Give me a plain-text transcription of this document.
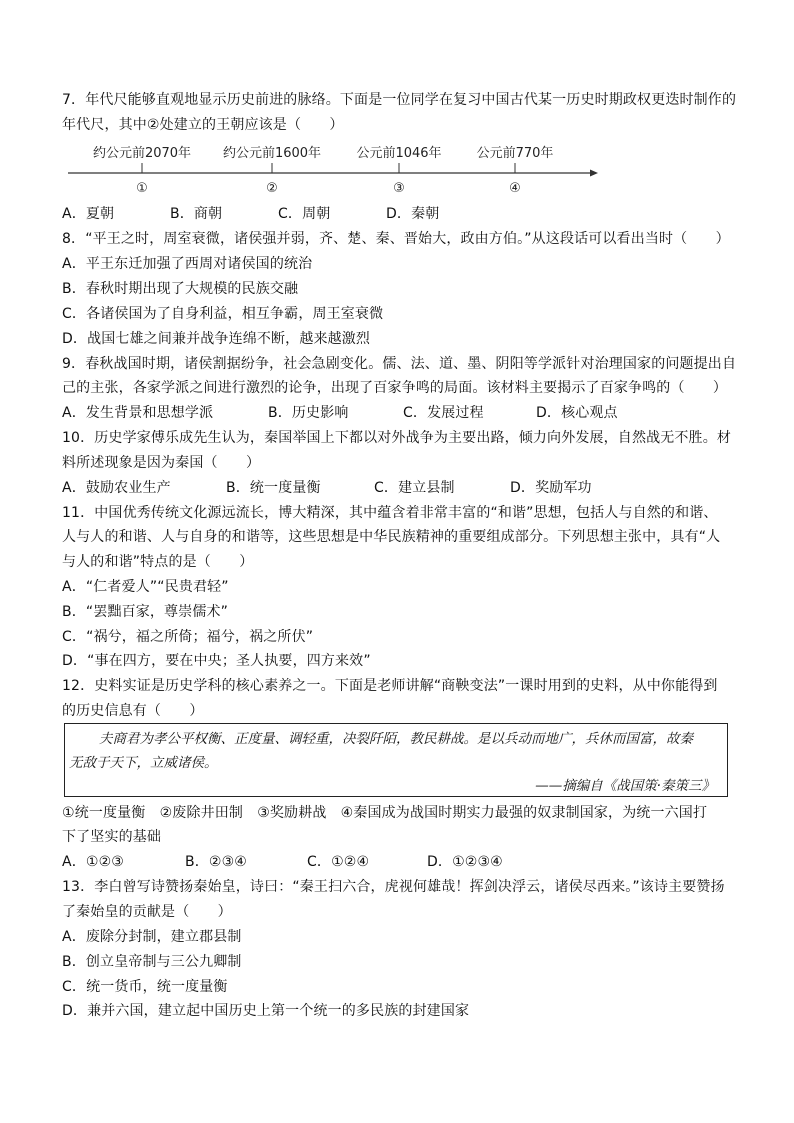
7．年代尺能够直观地显示历史前进的脉络。下面是一位同学在复习中国古代某一历史时期政权更迭时制作的
年代尺，其中②处建立的王朝应该是（　　）
约公元前2070年 约公元前1600年	公元前1046年	公元前770年
①	②	③	④
A．夏朝	B．商朝	C．周朝	D．秦朝
8．“平王之时，周室衰微，诸侯强并弱，齐、楚、秦、晋始大，政由方伯。”从这段话可以看出当时（　　）
A．平王东迁加强了西周对诸侯国的统治
B．春秋时期出现了大规模的民族交融
C．各诸侯国为了自身利益，相互争霸，周王室衰微
D．战国七雄之间兼并战争连绵不断，越来越激烈
9．春秋战国时期，诸侯割据纷争，社会急剧变化。儒、法、道、墨、阴阳等学派针对治理国家的问题提出自
己的主张，各家学派之间进行激烈的论争，出现了百家争鸣的局面。该材料主要揭示了百家争鸣的（　　）
A．发生背景和思想学派	B．历史影响	C．发展过程	D．核心观点
10．历史学家傅乐成先生认为，秦国举国上下都以对外战争为主要出路，倾力向外发展，自然战无不胜。材
料所述现象是因为秦国（　　）
A．鼓励农业生产	B．统一度量衡	C．建立县制	D．奖励军功
11．中国优秀传统文化源远流长，博大精深，其中蕴含着非常丰富的“和谐”思想，包括人与自然的和谐、
人与人的和谐、人与自身的和谐等，这些思想是中华民族精神的重要组成部分。下列思想主张中，具有“人
与人的和谐”特点的是（　　）
A．“仁者爱人”“民贵君轻”
B．“罢黜百家，尊崇儒术”
C．“祸兮，福之所倚；福兮，祸之所伏”
D．“事在四方，要在中央；圣人执要，四方来效”
12．史料实证是历史学科的核心素养之一。下面是老师讲解“商鞅变法”一课时用到的史料，从中你能得到
的历史信息有（　　）
夫商君为孝公平权衡、正度量、调轻重，决裂阡陌，教民耕战。是以兵动而地广，兵休而国富，故秦
无敌于天下，立威诸侯。
——摘编自《战国策·秦策三》
①统一度量衡　②废除井田制　③奖励耕战　④秦国成为战国时期实力最强的奴隶制国家，为统一六国打
下了坚实的基础
A．①②③	B．②③④	C．①②④	D．①②③④
13．李白曾写诗赞扬秦始皇，诗曰：“秦王扫六合，虎视何雄哉！挥剑决浮云，诸侯尽西来。”该诗主要赞扬
了秦始皇的贡献是（　　）
A．废除分封制，建立郡县制
B．创立皇帝制与三公九卿制
C．统一货币，统一度量衡
D．兼并六国，建立起中国历史上第一个统一的多民族的封建国家
